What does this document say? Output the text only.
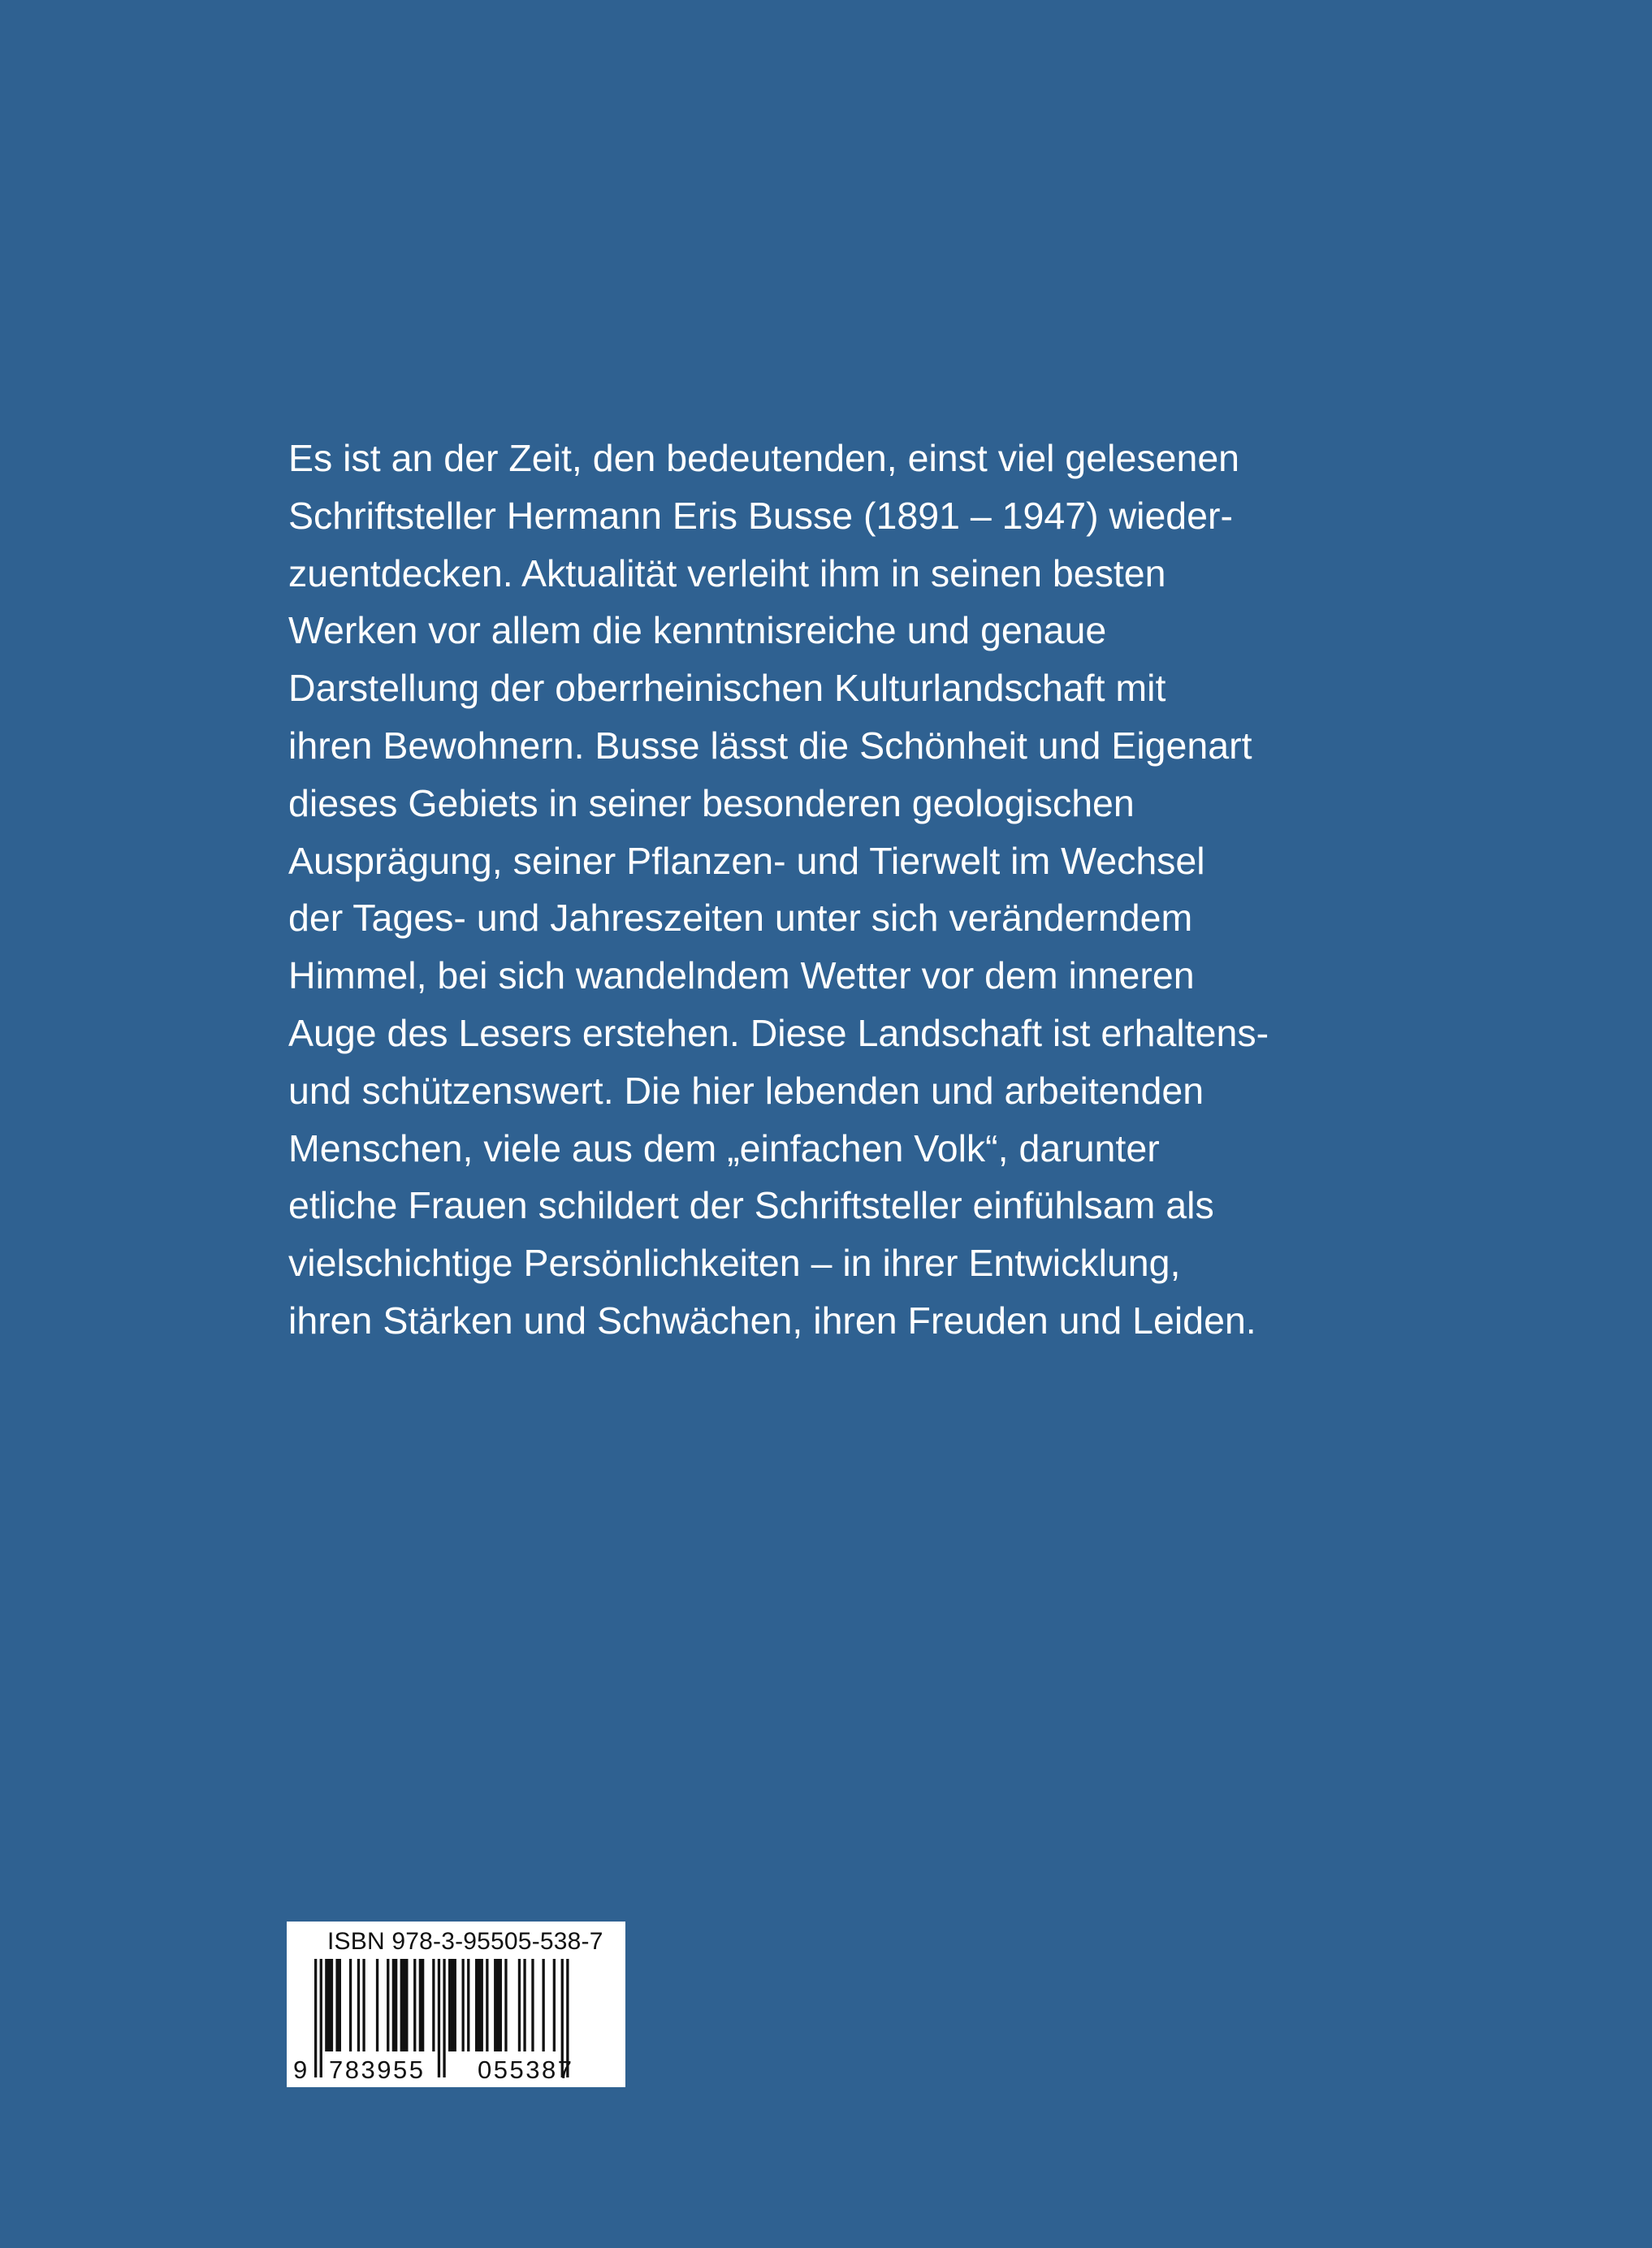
Es ist an der Zeit, den bedeutenden, einst viel gelesenen
Schriftsteller Hermann Eris Busse (1891 – 1947) wieder-
zuentdecken. Aktualität verleiht ihm in seinen besten
Werken vor allem die kenntnisreiche und genaue
Darstellung der oberrheinischen Kulturlandschaft mit
ihren Bewohnern. Busse lässt die Schönheit und Eigenart
dieses Gebiets in seiner besonderen geologischen
Ausprägung, seiner Pflanzen- und Tierwelt im Wechsel
der Tages- und Jahreszeiten unter sich veränderndem
Himmel, bei sich wandelndem Wetter vor dem inneren
Auge des Lesers erstehen. Diese Landschaft ist erhaltens-
und schützenswert. Die hier lebenden und arbeitenden
Menschen, viele aus dem „einfachen Volk“, darunter
etliche Frauen schildert der Schriftsteller einfühlsam als
vielschichtige Persönlichkeiten – in ihrer Entwicklung,
ihren Stärken und Schwächen, ihren Freuden und Leiden.
ISBN 978-3-95505-538-7
9 783955 055387
